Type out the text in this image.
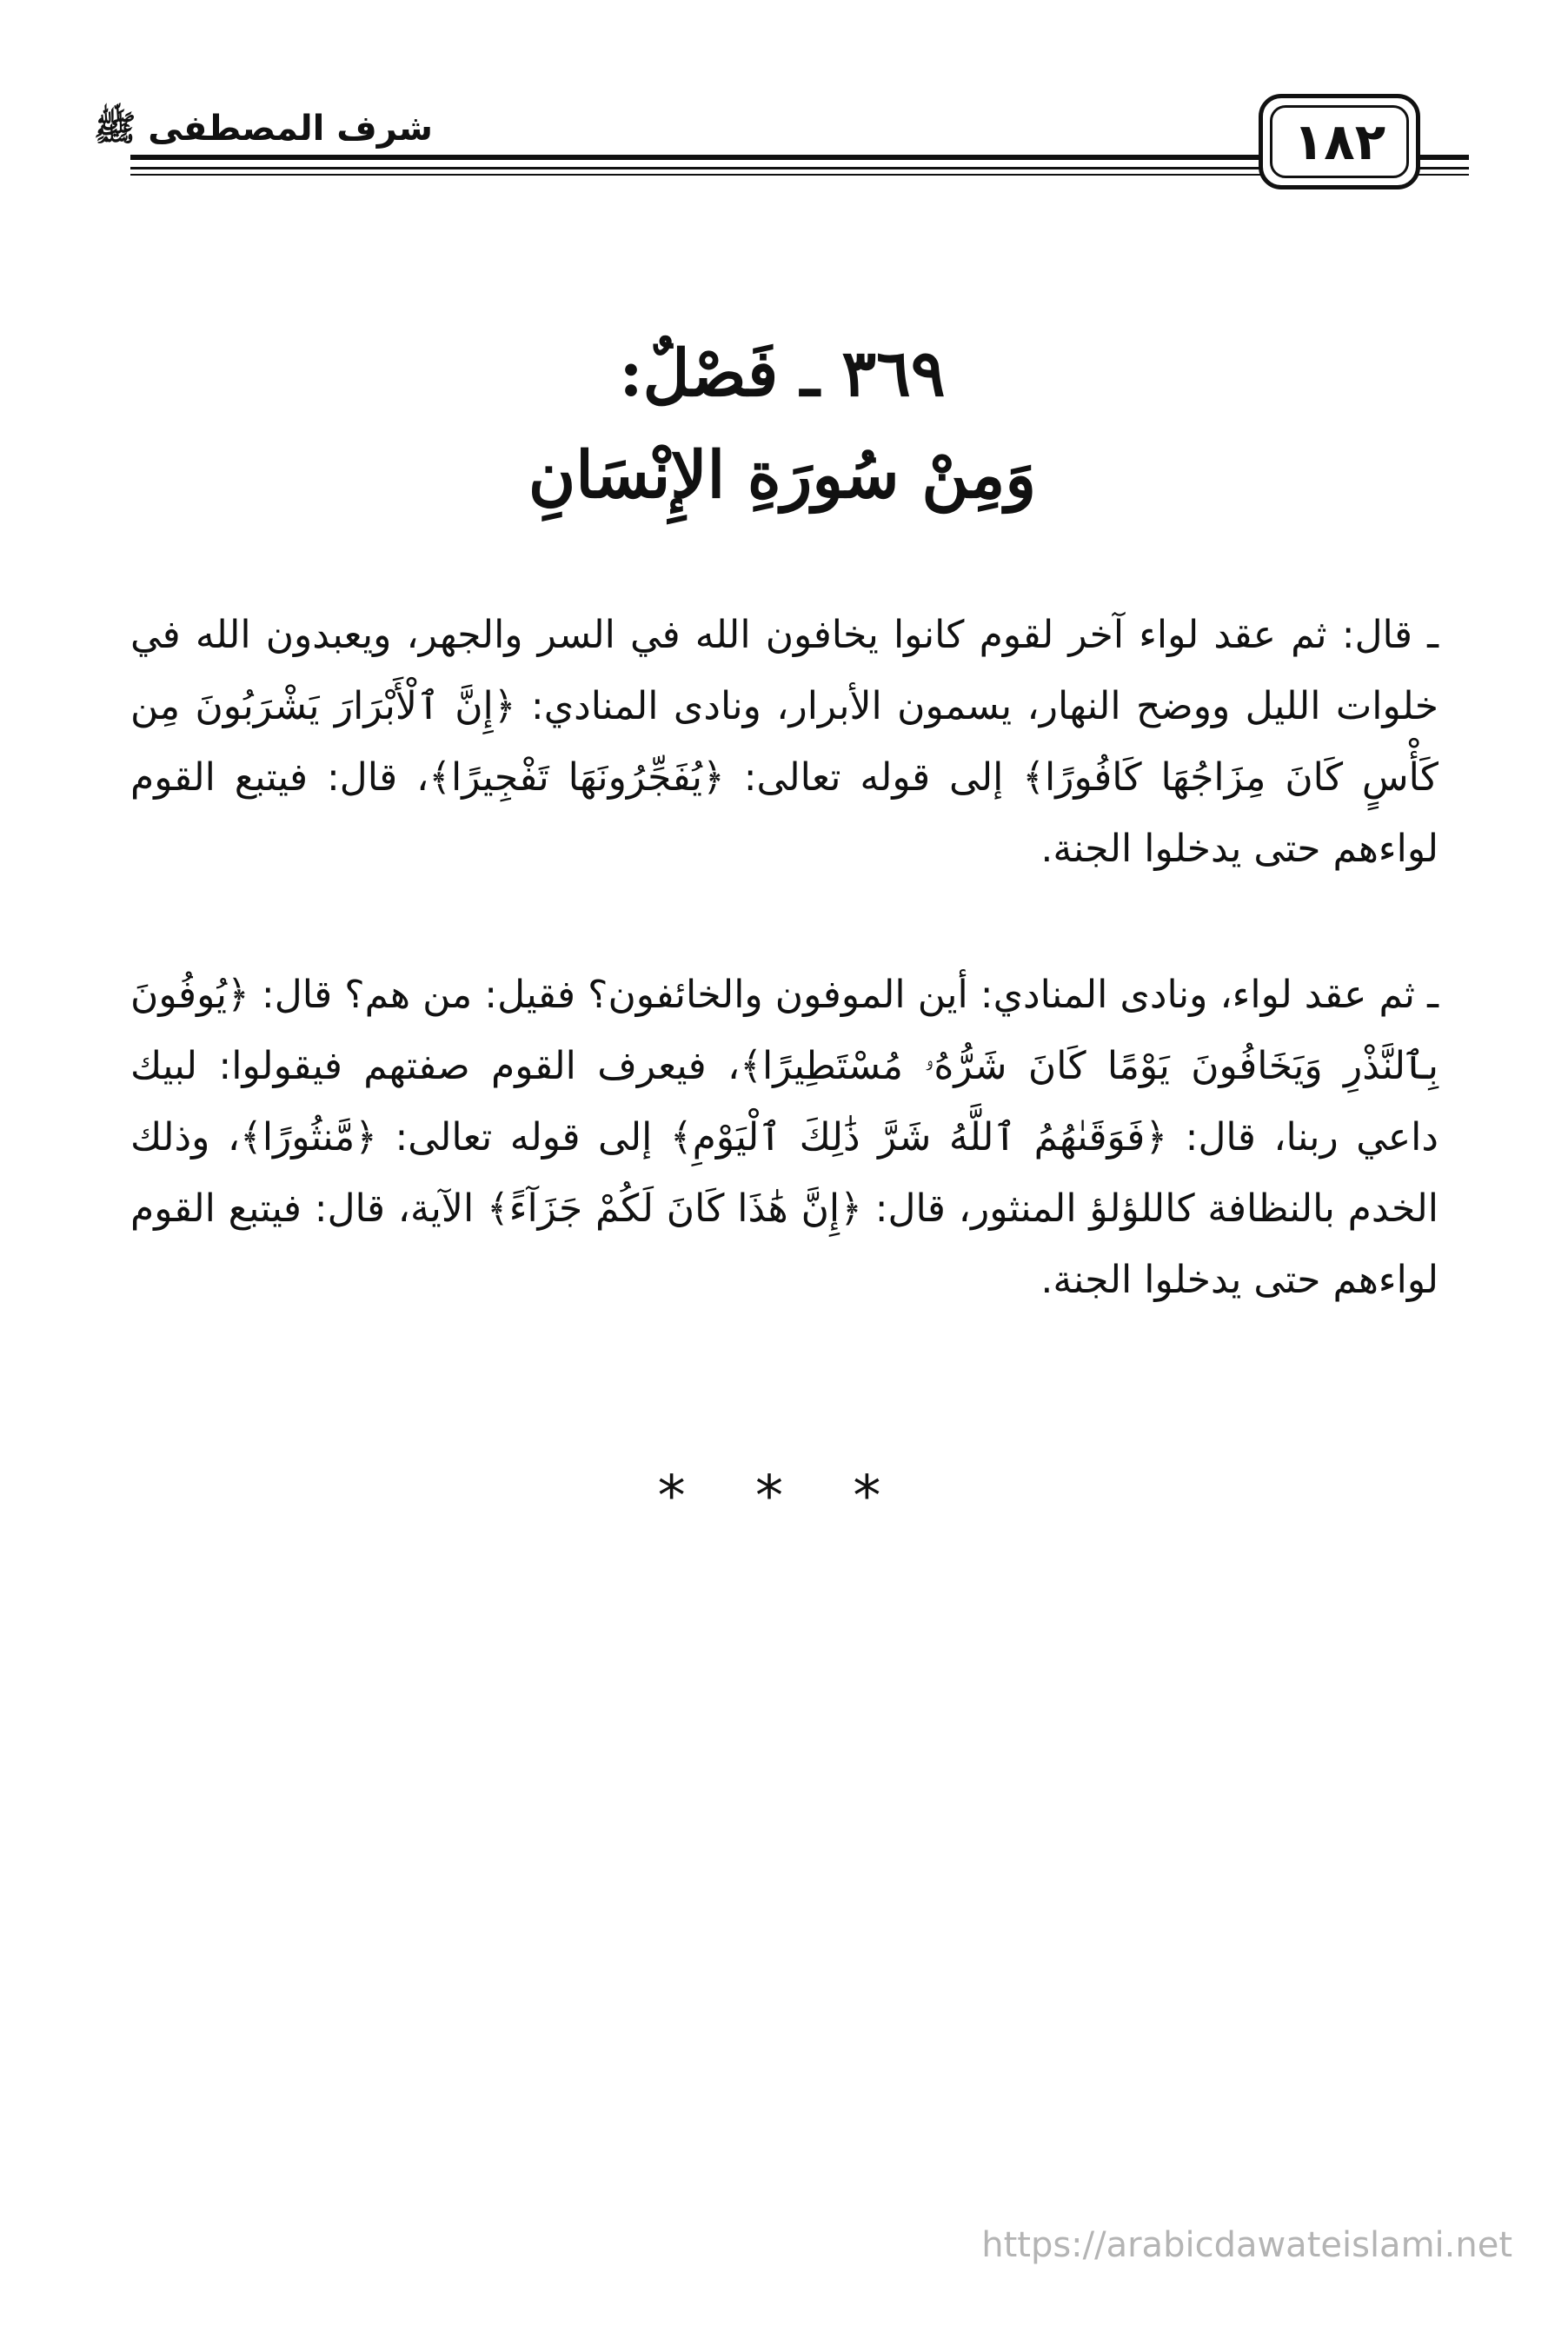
شرف المصطفى ﷺ	١٨٢
٣٦٩ ـ فَصْلٌ:
وَمِنْ سُورَةِ الإِنْسَانِ

ـ قال: ثم عقد لواء آخر لقوم كانوا يخافون الله في السر والجهر، ويعبدون الله في خلوات الليل ووضح النهار، يسمون الأبرار، ونادى المنادي: ﴿إِنَّ ٱلْأَبْرَارَ يَشْرَبُونَ مِن كَأْسٍ كَانَ مِزَاجُهَا كَافُورًا﴾ إلى قوله تعالى: ﴿يُفَجِّرُونَهَا تَفْجِيرًا﴾، قال: فيتبع القوم لواءهم حتى يدخلوا الجنة.

ـ ثم عقد لواء، ونادى المنادي: أين الموفون والخائفون؟ فقيل: من هم؟ قال: ﴿يُوفُونَ بِٱلنَّذْرِ وَيَخَافُونَ يَوْمًا كَانَ شَرُّهُۥ مُسْتَطِيرًا﴾، فيعرف القوم صفتهم فيقولوا: لبيك داعي ربنا، قال: ﴿فَوَقَىٰهُمُ ٱللَّهُ شَرَّ ذَٰلِكَ ٱلْيَوْمِ﴾ إلى قوله تعالى: ﴿مَّنثُورًا﴾، وذلك الخدم بالنظافة كاللؤلؤ المنثور، قال: ﴿إِنَّ هَٰذَا كَانَ لَكُمْ جَزَآءً﴾ الآية، قال: فيتبع القوم لواءهم حتى يدخلوا الجنة.

* * *
https://arabicdawateislami.net
